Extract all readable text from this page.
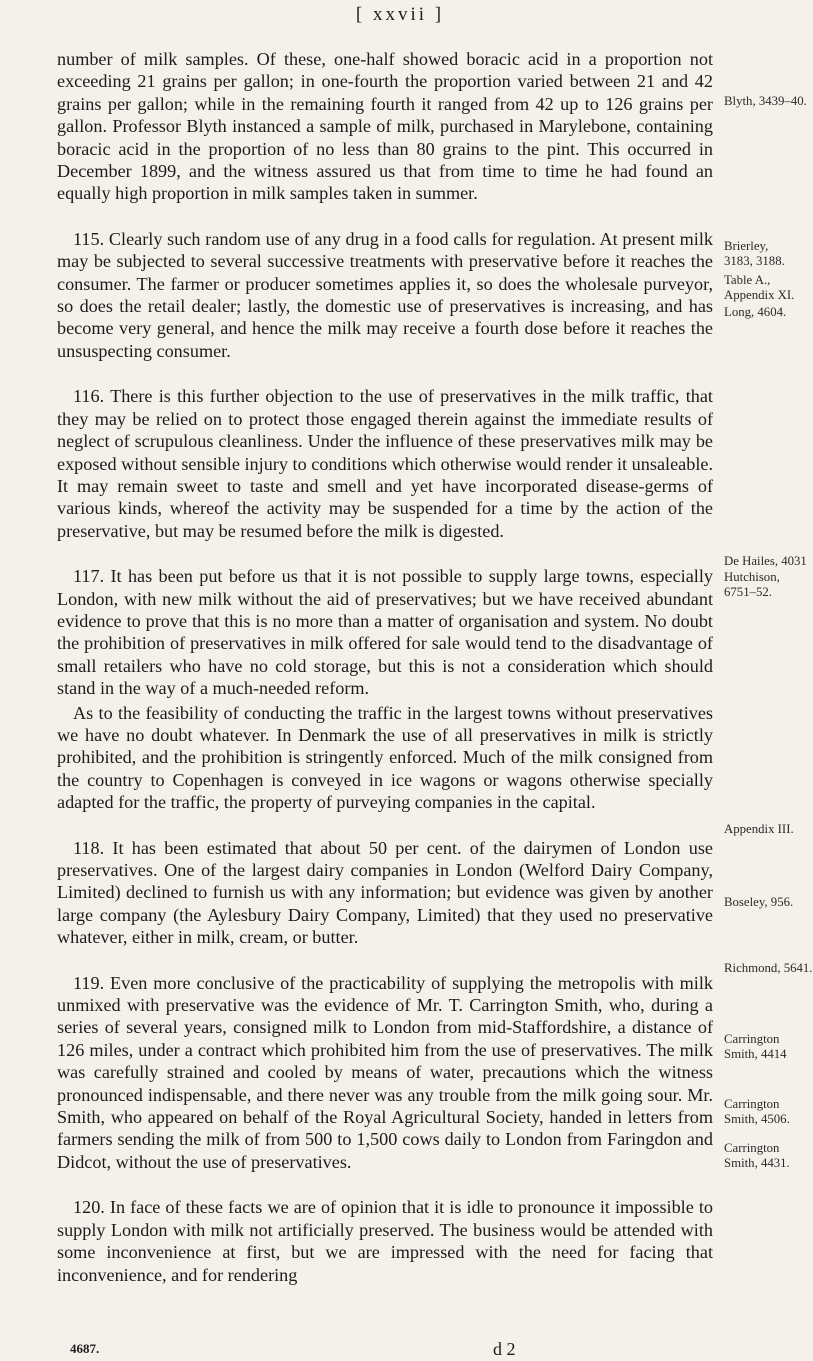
[ xxvii ]

number of milk samples. Of these, one-half showed boracic acid in a proportion not exceeding 21 grains per gallon; in one-fourth the proportion varied between 21 and 42 grains per gallon; while in the remaining fourth it ranged from 42 up to 126 grains per gallon. Professor Blyth instanced a sample of milk, purchased in Marylebone, containing boracic acid in the proportion of no less than 80 grains to the pint. This occurred in December 1899, and the witness assured us that from time to time he had found an equally high proportion in milk samples taken in summer.

115. Clearly such random use of any drug in a food calls for regulation. At present milk may be subjected to several successive treatments with preservative before it reaches the consumer. The farmer or producer sometimes applies it, so does the wholesale purveyor, so does the retail dealer; lastly, the domestic use of preservatives is increasing, and has become very general, and hence the milk may receive a fourth dose before it reaches the unsuspecting consumer.

116. There is this further objection to the use of preservatives in the milk traffic, that they may be relied on to protect those engaged therein against the immediate results of neglect of scrupulous cleanliness. Under the influence of these preservatives milk may be exposed without sensible injury to conditions which otherwise would render it unsaleable. It may remain sweet to taste and smell and yet have incorporated disease-germs of various kinds, whereof the activity may be suspended for a time by the action of the preservative, but may be resumed before the milk is digested.

117. It has been put before us that it is not possible to supply large towns, especially London, with new milk without the aid of preservatives; but we have received abundant evidence to prove that this is no more than a matter of organisation and system. No doubt the prohibition of preservatives in milk offered for sale would tend to the disadvantage of small retailers who have no cold storage, but this is not a consideration which should stand in the way of a much-needed reform.

As to the feasibility of conducting the traffic in the largest towns without preservatives we have no doubt whatever. In Denmark the use of all preservatives in milk is strictly prohibited, and the prohibition is stringently enforced. Much of the milk consigned from the country to Copenhagen is conveyed in ice wagons or wagons otherwise specially adapted for the traffic, the property of purveying companies in the capital.

118. It has been estimated that about 50 per cent. of the dairymen of London use preservatives. One of the largest dairy companies in London (Welford Dairy Company, Limited) declined to furnish us with any information; but evidence was given by another large company (the Aylesbury Dairy Company, Limited) that they used no preservative whatever, either in milk, cream, or butter.

119. Even more conclusive of the practicability of supplying the metropolis with milk unmixed with preservative was the evidence of Mr. T. Carrington Smith, who, during a series of several years, consigned milk to London from mid-Staffordshire, a distance of 126 miles, under a contract which prohibited him from the use of preservatives. The milk was carefully strained and cooled by means of water, precautions which the witness pronounced indispensable, and there never was any trouble from the milk going sour. Mr. Smith, who appeared on behalf of the Royal Agricultural Society, handed in letters from farmers sending the milk of from 500 to 1,500 cows daily to London from Faringdon and Didcot, without the use of preservatives.

120. In face of these facts we are of opinion that it is idle to pronounce it impossible to supply London with milk not artificially preserved. The business would be attended with some inconvenience at first, but we are impressed with the need for facing that inconvenience, and for rendering

Blyth, 3439–40.
Brierley, 3183, 3188.
Table A., Appendix XI.
Long, 4604.
De Hailes, 4031
Hutchison, 6751–52.
Appendix III.
Boseley, 956.
Richmond, 5641.
Carrington Smith, 4414
Carrington Smith, 4506.
Carrington Smith, 4431.
4687.	d 2
